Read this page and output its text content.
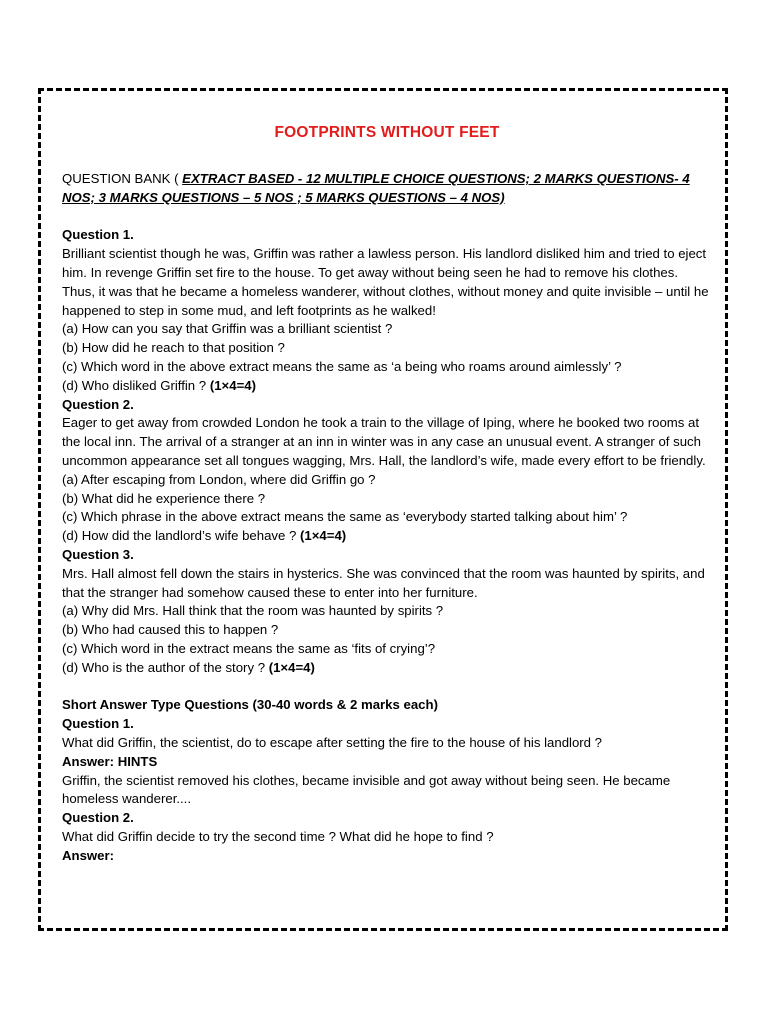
FOOTPRINTS WITHOUT FEET

QUESTION BANK ( EXTRACT BASED - 12 MULTIPLE CHOICE QUESTIONS; 2 MARKS QUESTIONS- 4 NOS; 3 MARKS QUESTIONS – 5 NOS ; 5 MARKS QUESTIONS – 4 NOS)

Question 1.

Brilliant scientist though he was, Griffin was rather a lawless person. His landlord disliked him and tried to eject him. In revenge Griffin set fire to the house. To get away without being seen he had to remove his clothes. Thus, it was that he became a homeless wanderer, without clothes, without money and quite invisible – until he happened to step in some mud, and left footprints as he walked!

(a) How can you say that Griffin was a brilliant scientist ?

(b) How did he reach to that position ?

(c) Which word in the above extract means the same as ‘a being who roams around aimlessly’ ?

(d) Who disliked Griffin ? (1×4=4)

Question 2.

Eager to get away from crowded London he took a train to the village of Iping, where he booked two rooms at the local inn. The arrival of a stranger at an inn in winter was in any case an unusual event. A stranger of such uncommon appearance set all tongues wagging, Mrs. Hall, the landlord’s wife, made every effort to be friendly.

(a) After escaping from London, where did Griffin go ?

(b) What did he experience there ?

(c) Which phrase in the above extract means the same as ‘everybody started talking about him’ ?

(d) How did the landlord’s wife behave ? (1×4=4)

Question 3.

Mrs. Hall almost fell down the stairs in hysterics. She was convinced that the room was haunted by spirits, and that the stranger had somehow caused these to enter into her furniture.

(a) Why did Mrs. Hall think that the room was haunted by spirits ?

(b) Who had caused this to happen ?

(c) Which word in the extract means the same as ‘fits of crying’?

(d) Who is the author of the story ? (1×4=4)

Short Answer Type Questions (30-40 words & 2 marks each)

Question 1.

What did Griffin, the scientist, do to escape after setting the fire to the house of his landlord ?

Answer: HINTS

Griffin, the scientist removed his clothes, became invisible and got away without being seen. He became homeless wanderer....

Question 2.

What did Griffin decide to try the second time ? What did he hope to find ?

Answer:
